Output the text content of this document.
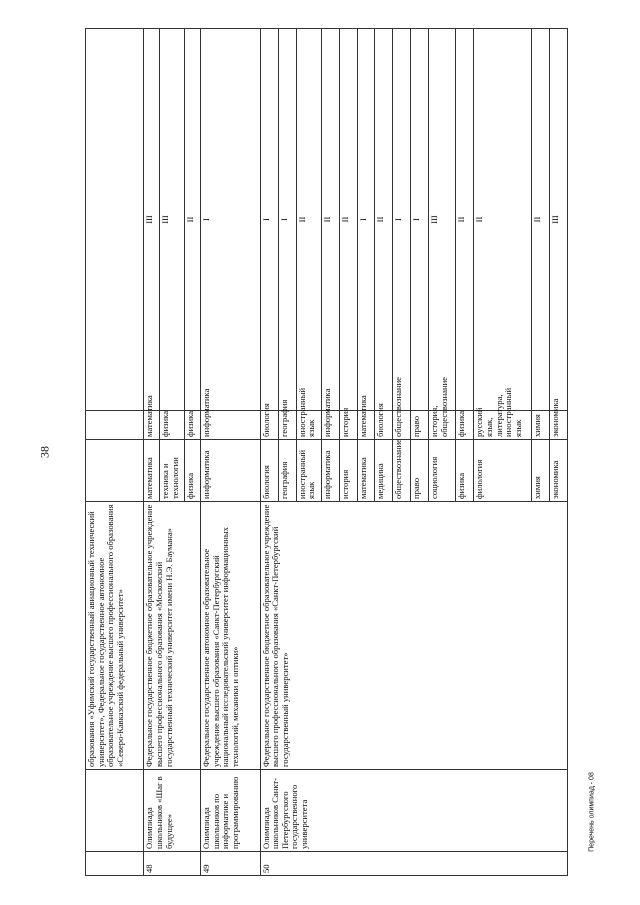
38
		образования «Уфимский государственный авиационный технический университет», Федеральное государственное автономное образовательное учреждение высшего профессионального образования «Северо-Кавказский федеральный университет»			
48	Олимпиада школьников «Шаг в будущее»	Федеральное государственное бюджетное образовательное учреждение высшего профессионального образования «Московский государственный технический университет имени Н.Э. Баумана»	математика	математика	III
			техника и технологии	физика	III
			физика	физика	II
49	Олимпиада школьников по информатике и программированию	Федеральное государственное автономное образовательное учреждение высшего образования «Санкт-Петербургский национальный исследовательский университет информационных технологий, механики и оптики»	информатика	информатика	I
50	Олимпиада школьников Санкт-Петербургского государственного университета	Федеральное государственное бюджетное образовательное учреждение высшего профессионального образования «Санкт-Петербургский государственный университет»	биология	биология	I
			география	география	I
			иностранный язык	иностранный язык	II
			информатика	информатика	II
			история	история	II
			математика	математика	I
			медицина	биология	II
			обществознание	обществознание	I
			право	право	I
			социология	история, обществознание	III
			физика	физика	II
			филология	русский язык, литература, иностранный язык	II
			химия	химия	II
			экономика	экономика	III
Перечень олимпиад - 08
